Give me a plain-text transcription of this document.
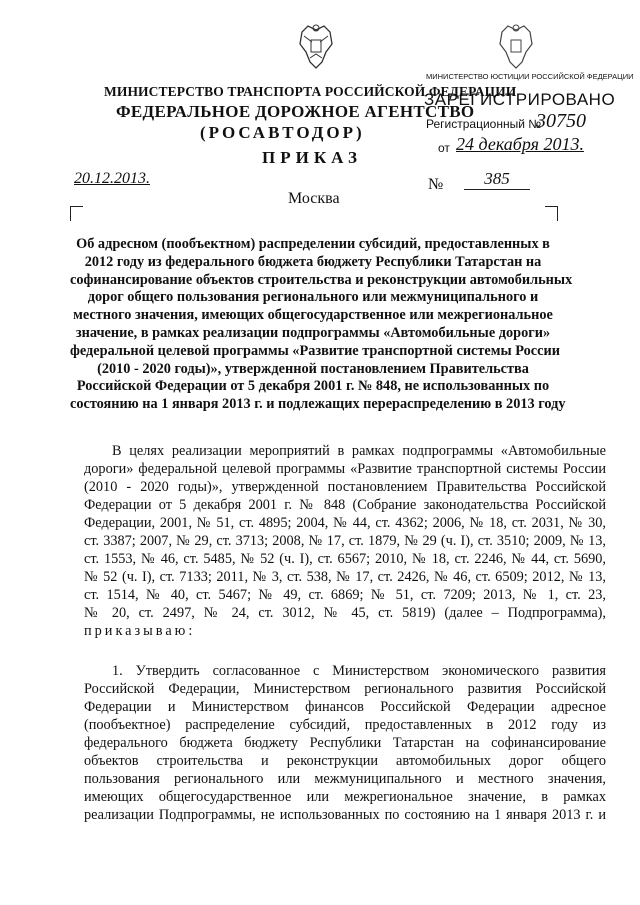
МИНИСТЕРСТВО ТРАНСПОРТА РОССИЙСКОЙ ФЕДЕРАЦИИ
ФЕДЕРАЛЬНОЕ ДОРОЖНОЕ АГЕНТСТВО
(РОСАВТОДОР)
ПРИКАЗ
МИНИСТЕРСТВО ЮСТИЦИИ РОССИЙСКОЙ ФЕДЕРАЦИИ
ЗАРЕГИСТРИРОВАНО
Регистрационный №
30750
от 24 декабря 2013.
20.12.2013.
Москва
№	385
Об адресном (пообъектном) распределении субсидий, предоставленных в
2012 году из федерального бюджета бюджету Республики Татарстан на
софинансирование объектов строительства и реконструкции автомобильных
дорог общего пользования регионального или межмуниципального и
местного значения, имеющих общегосударственное или межрегиональное
значение, в рамках реализации подпрограммы «Автомобильные дороги»
федеральной целевой программы «Развитие транспортной системы России
(2010 - 2020 годы)», утвержденной постановлением Правительства
Российской Федерации от 5 декабря 2001 г. № 848, не использованных по
состоянию на 1 января 2013 г. и подлежащих перераспределению в 2013 году
В целях реализации мероприятий в рамках подпрограммы «Автомобильные
дороги» федеральной целевой программы «Развитие транспортной системы России
(2010 - 2020 годы)», утвержденной постановлением Правительства Российской
Федерации от 5 декабря 2001 г. № 848 (Собрание законодательства Российской
Федерации, 2001, № 51, ст. 4895; 2004, № 44, ст. 4362; 2006, № 18, ст. 2031, № 30,
ст. 3387; 2007, № 29, ст. 3713; 2008, № 17, ст. 1879, № 29 (ч. I), ст. 3510; 2009, № 13,
ст. 1553, № 46, ст. 5485, № 52 (ч. I), ст. 6567; 2010, № 18, ст. 2246, № 44, ст. 5690,
№ 52 (ч. I), ст. 7133; 2011, № 3, ст. 538, № 17, ст. 2426, № 46, ст. 6509; 2012, № 13,
ст. 1514, № 40, ст. 5467; № 49, ст. 6869; № 51, ст. 7209; 2013, № 1, ст. 23,
№ 20, ст. 2497, № 24, ст. 3012, № 45, ст. 5819) (далее – Подпрограмма),
приказываю:
1. Утвердить согласованное с Министерством экономического развития
Российской Федерации, Министерством регионального развития Российской
Федерации и Министерством финансов Российской Федерации адресное
(пообъектное) распределение субсидий, предоставленных в 2012 году из
федерального бюджета бюджету Республики Татарстан на софинансирование
объектов строительства и реконструкции автомобильных дорог общего
пользования регионального или межмуниципального и местного значения,
имеющих общегосударственное или межрегиональное значение, в рамках
реализации Подпрограммы, не использованных по состоянию на 1 января 2013 г. и
